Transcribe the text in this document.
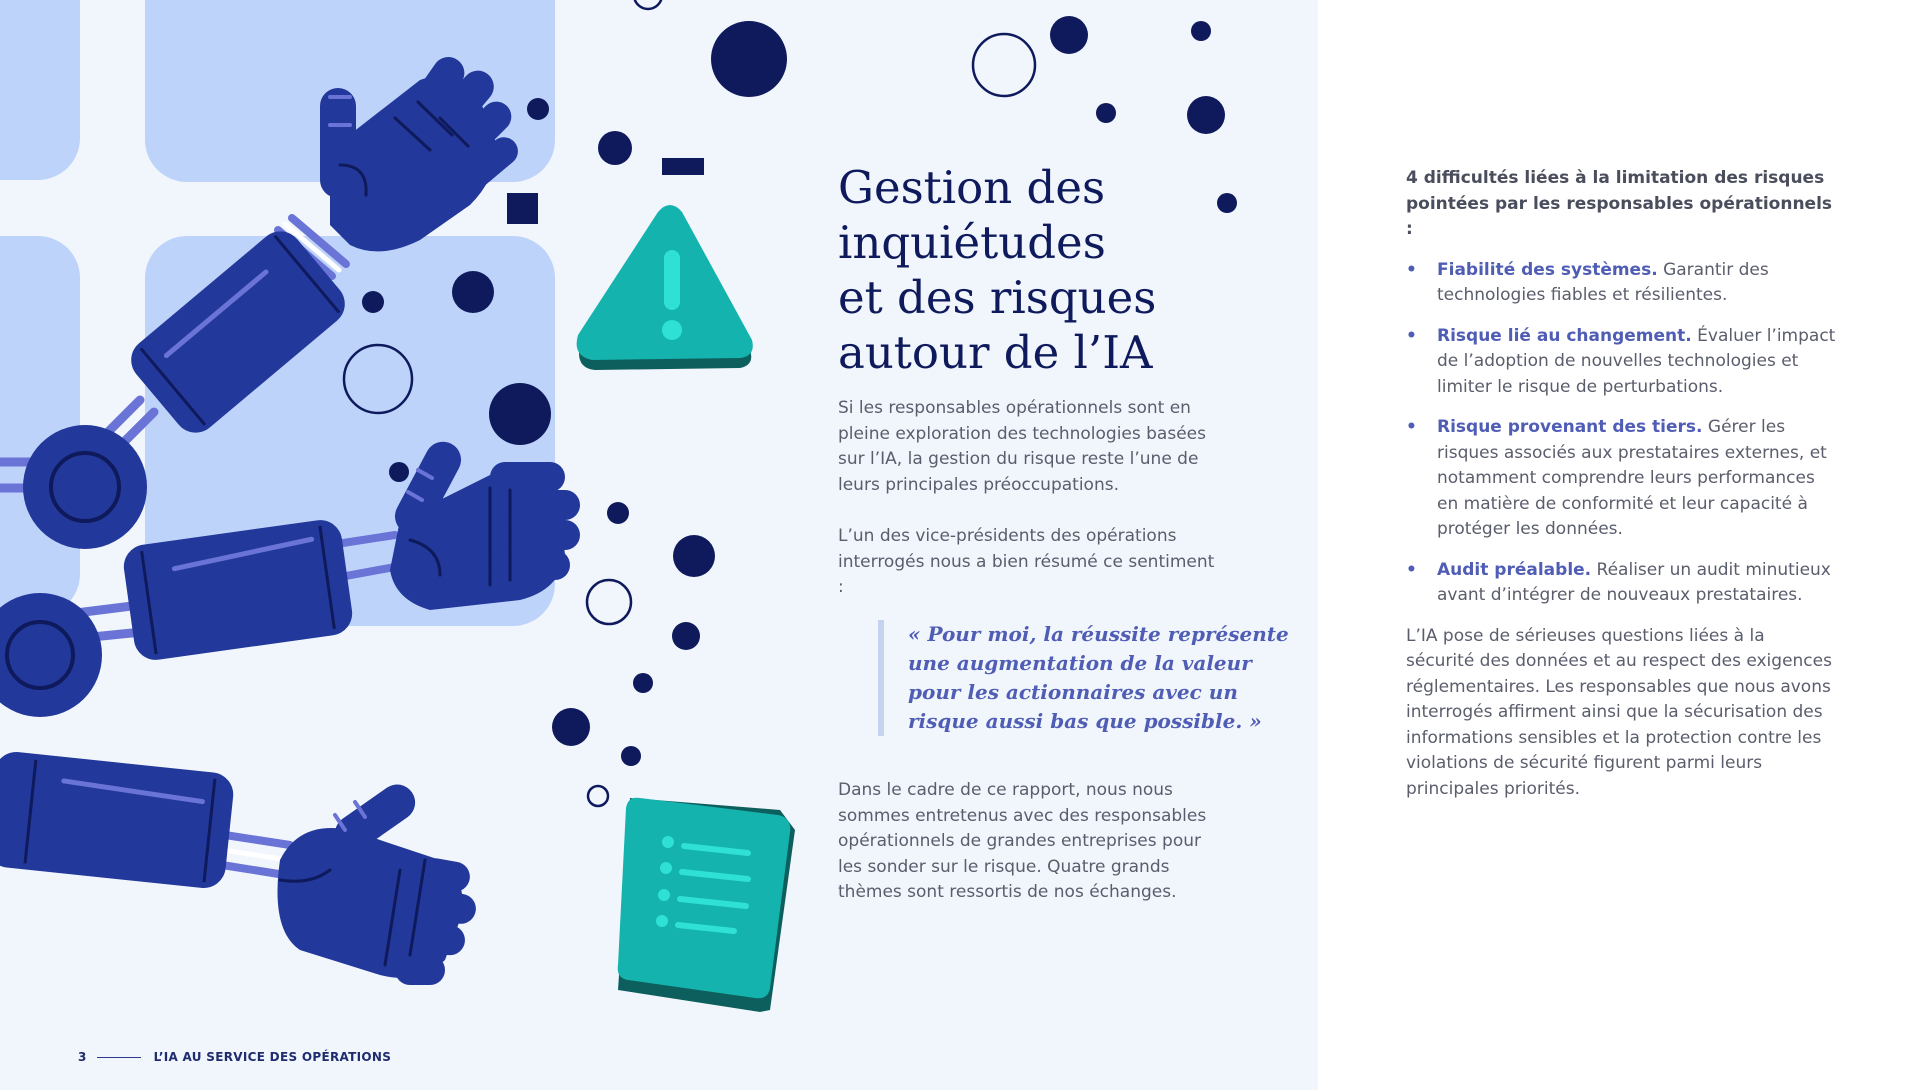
Gestion des
inquiétudes
et des risques
autour de l’IA

Si les responsables opérationnels sont en pleine exploration des technologies basées sur l’IA, la gestion du risque reste l’une de leurs principales préoccupations.

L’un des vice-présidents des opérations interrogés nous a bien résumé ce sentiment :

« Pour moi, la réussite représente une augmentation de la valeur pour les actionnaires avec un risque aussi bas que possible. »

Dans le cadre de ce rapport, nous nous sommes entretenus avec des responsables opérationnels de grandes entreprises pour les sonder sur le risque. Quatre grands thèmes sont ressortis de nos échanges.

3	L’IA AU SERVICE DES OPÉRATIONS

4 difficultés liées à la limitation des risques pointées par les responsables opérationnels :

• Fiabilité des systèmes. Garantir des technologies fiables et résilientes.
• Risque lié au changement. Évaluer l’impact de l’adoption de nouvelles technologies et limiter le risque de perturbations.
• Risque provenant des tiers. Gérer les risques associés aux prestataires externes, et notamment comprendre leurs performances en matière de conformité et leur capacité à protéger les données.
• Audit préalable. Réaliser un audit minutieux avant d’intégrer de nouveaux prestataires.

L’IA pose de sérieuses questions liées à la sécurité des données et au respect des exigences réglementaires. Les responsables que nous avons interrogés affirment ainsi que la sécurisation des informations sensibles et la protection contre les violations de sécurité figurent parmi leurs principales priorités.
